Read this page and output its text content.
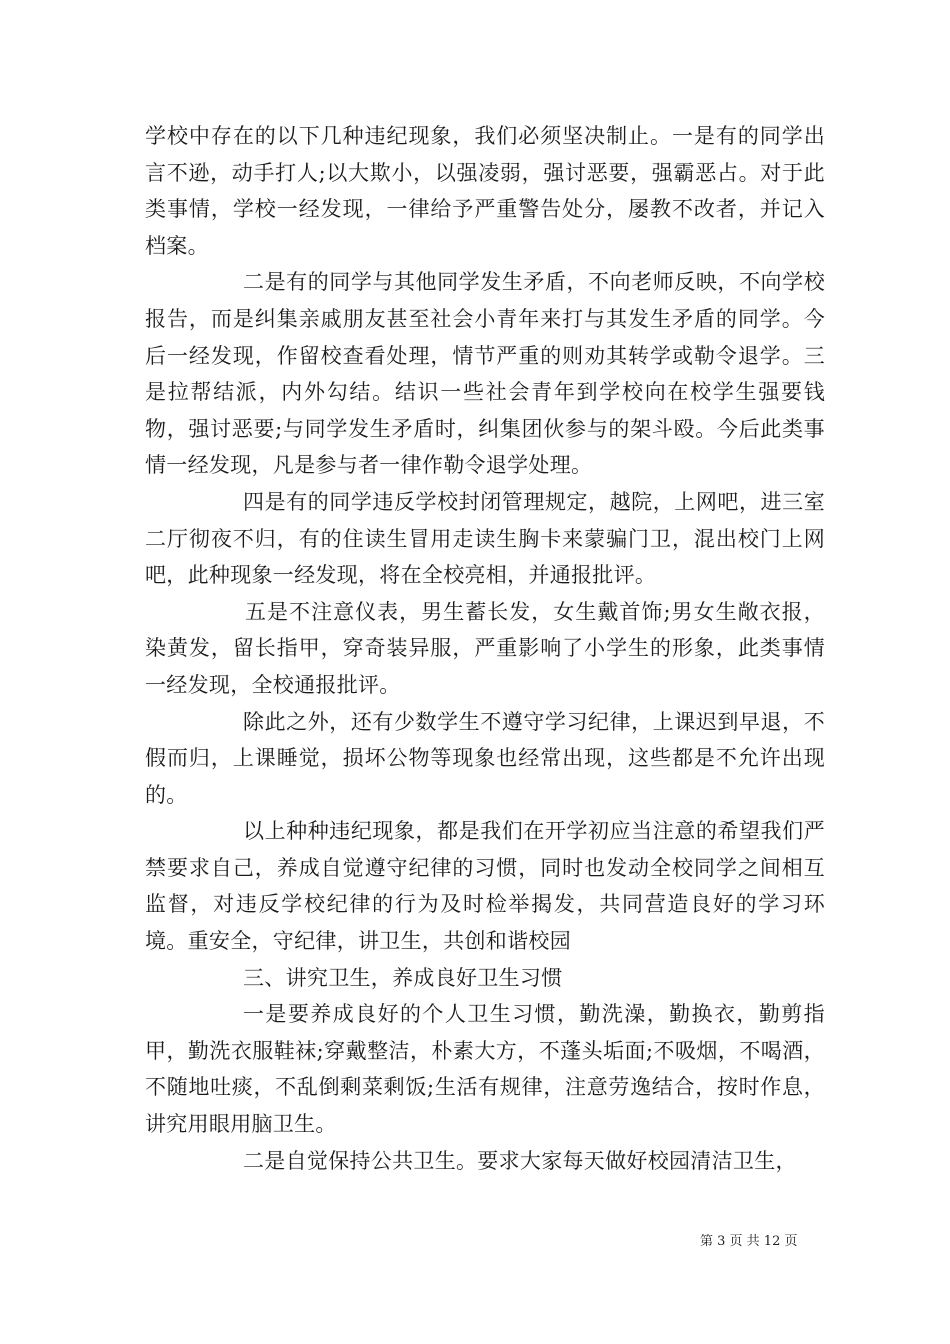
学校中存在的以下几种违纪现象，我们必须坚决制止。一是有的同学出言不逊，动手打人;以大欺小，以强凌弱，强讨恶要，强霸恶占。对于此类事情，学校一经发现，一律给予严重警告处分，屡教不改者，并记入档案。

二是有的同学与其他同学发生矛盾，不向老师反映，不向学校报告，而是纠集亲戚朋友甚至社会小青年来打与其发生矛盾的同学。今后一经发现，作留校查看处理，情节严重的则劝其转学或勒令退学。三是拉帮结派，内外勾结。结识一些社会青年到学校向在校学生强要钱物，强讨恶要;与同学发生矛盾时，纠集团伙参与的架斗殴。今后此类事情一经发现，凡是参与者一律作勒令退学处理。

四是有的同学违反学校封闭管理规定，越院，上网吧，进三室二厅彻夜不归，有的住读生冒用走读生胸卡来蒙骗门卫，混出校门上网吧，此种现象一经发现，将在全校亮相，并通报批评。

五是不注意仪表，男生蓄长发，女生戴首饰;男女生敞衣报，染黄发，留长指甲，穿奇装异服，严重影响了小学生的形象，此类事情一经发现，全校通报批评。

除此之外，还有少数学生不遵守学习纪律，上课迟到早退，不假而归，上课睡觉，损坏公物等现象也经常出现，这些都是不允许出现的。

以上种种违纪现象，都是我们在开学初应当注意的希望我们严禁要求自己，养成自觉遵守纪律的习惯，同时也发动全校同学之间相互监督，对违反学校纪律的行为及时检举揭发，共同营造良好的学习环境。重安全，守纪律，讲卫生，共创和谐校园

三、讲究卫生，养成良好卫生习惯

一是要养成良好的个人卫生习惯，勤洗澡，勤换衣，勤剪指甲，勤洗衣服鞋袜;穿戴整洁，朴素大方，不蓬头垢面;不吸烟，不喝酒，不随地吐痰，不乱倒剩菜剩饭;生活有规律，注意劳逸结合，按时作息，讲究用眼用脑卫生。

二是自觉保持公共卫生。要求大家每天做好校园清洁卫生，

第 3 页 共 12 页
